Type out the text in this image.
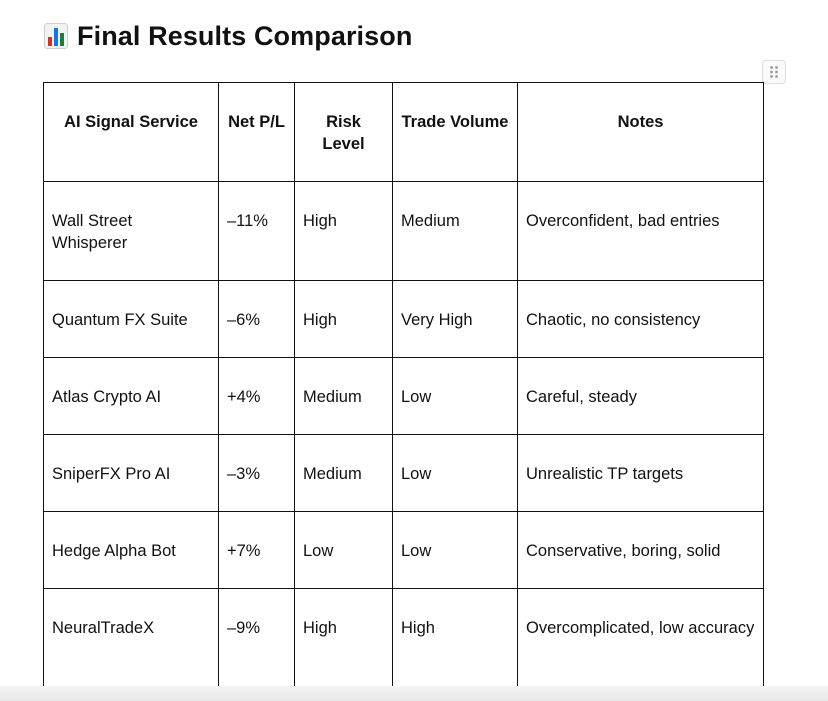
Final Results Comparison
AI Signal Service	Net P/L	Risk Level	Trade Volume	Notes
Wall Street Whisperer	–11%	High	Medium	Overconfident, bad entries
Quantum FX Suite	–6%	High	Very High	Chaotic, no consistency
Atlas Crypto AI	+4%	Medium	Low	Careful, steady
SniperFX Pro AI	–3%	Medium	Low	Unrealistic TP targets
Hedge Alpha Bot	+7%	Low	Low	Conservative, boring, solid
NeuralTradeX	–9%	High	High	Overcomplicated, low accuracy
